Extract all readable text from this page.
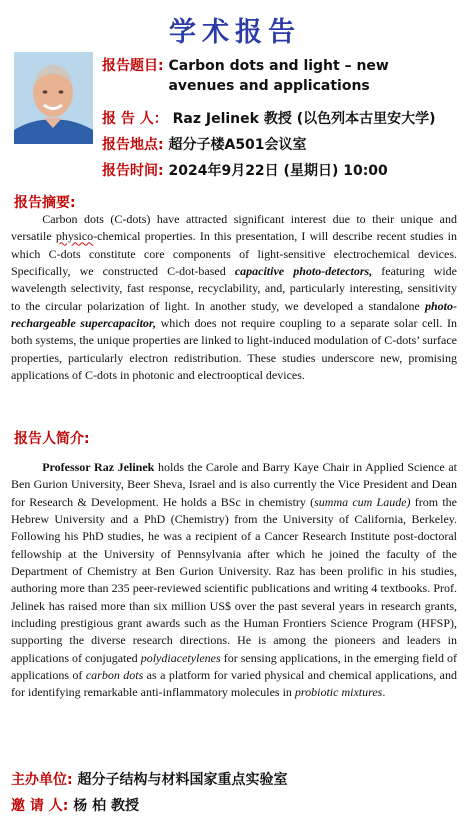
学术报告
报告题目: Carbon dots and light – new avenues and applications
报 告 人： Raz Jelinek 教授 (以色列本古里安大学)
报告地点: 超分子楼A501会议室
报告时间: 2024年9月22日 (星期日) 10:00
报告摘要:

Carbon dots (C-dots) have attracted significant interest due to their unique and versatile physico-chemical properties. In this presentation, I will describe recent studies in which C-dots constitute core components of light-sensitive electrochemical devices. Specifically, we constructed C-dot-based capacitive photo-detectors, featuring wide wavelength selectivity, fast response, recyclability, and, particularly interesting, sensitivity to the circular polarization of light. In another study, we developed a standalone photo-rechargeable supercapacitor, which does not require coupling to a separate solar cell. In both systems, the unique properties are linked to light-induced modulation of C-dots’ surface properties, particularly electron redistribution. These studies underscore new, promising applications of C-dots in photonic and electrooptical devices.

报告人简介:

Professor Raz Jelinek holds the Carole and Barry Kaye Chair in Applied Science at Ben Gurion University, Beer Sheva, Israel and is also currently the Vice President and Dean for Research & Development. He holds a BSc in chemistry (summa cum Laude) from the Hebrew University and a PhD (Chemistry) from the University of California, Berkeley. Following his PhD studies, he was a recipient of a Cancer Research Institute post-doctoral fellowship at the University of Pennsylvania after which he joined the faculty of the Department of Chemistry at Ben Gurion University. Raz has been prolific in his studies, authoring more than 235 peer-reviewed scientific publications and writing 4 textbooks. Prof. Jelinek has raised more than six million US$ over the past several years in research grants, including prestigious grant awards such as the Human Frontiers Science Program (HFSP), supporting the diverse research directions. He is among the pioneers and leaders in applications of conjugated polydiacetylenes for sensing applications, in the emerging field of applications of carbon dots as a platform for varied physical and chemical applications, and for identifying remarkable anti-inflammatory molecules in probiotic mixtures.

主办单位: 超分子结构与材料国家重点实验室
邀 请 人: 杨 柏 教授
